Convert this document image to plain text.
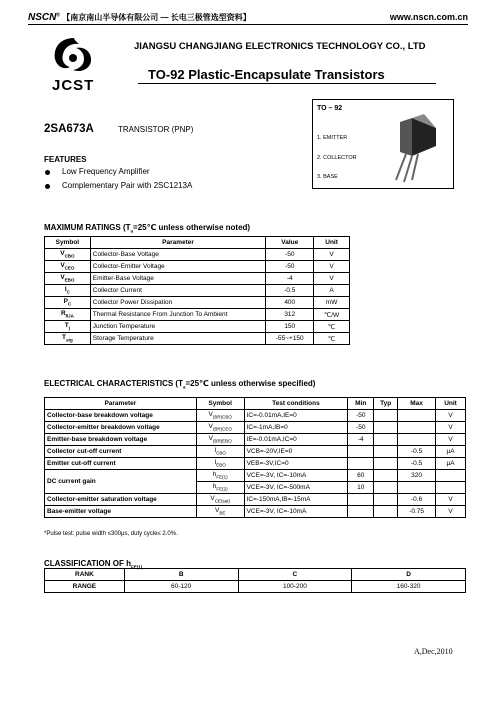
NSCN® 【南京南山半导体有限公司 — 长电三极管选型资料】	www.nscn.com.cn
JCST
JIANGSU CHANGJIANG ELECTRONICS TECHNOLOGY CO., LTD
TO-92 Plastic-Encapsulate Transistors
2SA673A	TRANSISTOR (PNP)
TO – 92
1. EMITTER
2. COLLECTOR
3. BASE
FEATURES
Low Frequency Amplifier
Complementary Pair with 2SC1213A
MAXIMUM RATINGS ($T_a=25℃$ unless otherwise noted)
Symbol	Parameter	Value	Unit
$V_{CBO}$	Collector-Base Voltage	-50	V
$V_{CEO}$	Collector-Emitter Voltage	-50	V
$V_{EBO}$	Emitter-Base Voltage	-4	V
$I_C$	Collector Current	-0.5	A
$P_C$	Collector Power Dissipation	400	mW
$R_{\theta JA}$	Thermal Resistance From Junction To Ambient	312	℃/W
$T_j$	Junction Temperature	150	℃
$T_{stg}$	Storage Temperature	-55~+150	℃
ELECTRICAL CHARACTERISTICS ($T_a=25℃$ unless otherwise specified)
Parameter	Symbol	Test conditions	Min	Typ	Max	Unit
Collector-base breakdown voltage	$V_{(BR)CBO}$	IC=-0.01mA,IE=0	-50			V
Collector-emitter breakdown voltage	$V_{(BR)CEO}$	IC=-1mA,IB=0	-50			V
Emitter-base breakdown voltage	$V_{(BR)EBO}$	IE=-0.01mA,IC=0	-4			V
Collector cut-off current	$I_{CBO}$	VCB=-20V,IE=0			-0.5	μA
Emitter cut-off current	$I_{EBO}$	VEB=-3V,IC=0			-0.5	μA
DC current gain	$h_{FE(1)}$	VCE=-3V, IC=-10mA	60		320	
	$h_{FE(2)}$	VCE=-3V, IC=-500mA	10			
Collector-emitter saturation voltage	$V_{CE(sat)}$	IC=-150mA,IB=-15mA			-0.6	V
Base-emitter voltage	$V_{BE}$	VCE=-3V, IC=-10mA			-0.75	V
*Pulse test: pulse width ≤300μs, duty cycle≤ 2.0%.
CLASSIFICATION OF $h_{FE(1)}$
RANK	B	C	D
RANGE	60-120	100-200	160-320
A,Dec,2010
